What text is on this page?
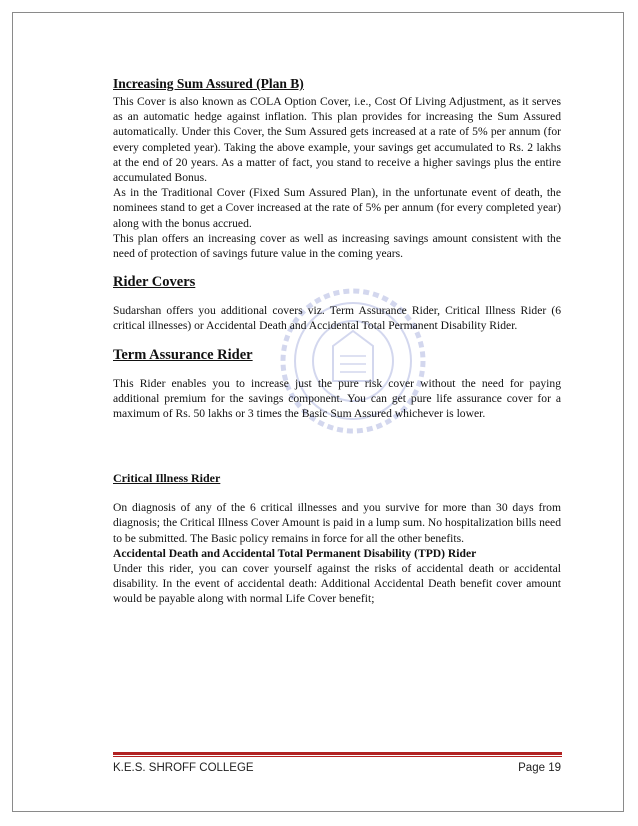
Increasing Sum Assured (Plan B)

This Cover is also known as COLA Option Cover, i.e., Cost Of Living Adjustment, as it serves as an automatic hedge against inflation. This plan provides for increasing the Sum Assured automatically. Under this Cover, the Sum Assured gets increased at a rate of 5% per annum (for every completed year). Taking the above example, your savings get accumulated to Rs. 2 lakhs at the end of 20 years. As a matter of fact, you stand to receive a higher savings plus the entire accumulated Bonus.

As in the Traditional Cover (Fixed Sum Assured Plan), in the unfortunate event of death, the nominees stand to get a Cover increased at the rate of 5% per annum (for every completed year) along with the bonus accrued.

This plan offers an increasing cover as well as increasing savings amount consistent with the need of protection of savings future value in the coming years.

Rider Covers

Sudarshan offers you additional covers viz. Term Assurance Rider, Critical Illness Rider (6 critical illnesses) or Accidental Death and Accidental Total Permanent Disability Rider.

Term Assurance Rider

This Rider enables you to increase just the pure risk cover without the need for paying additional premium for the savings component. You can get pure life assurance cover for a maximum of Rs. 50 lakhs or 3 times the Basic Sum Assured whichever is lower.

Critical Illness Rider

On diagnosis of any of the 6 critical illnesses and you survive for more than 30 days from diagnosis; the Critical Illness Cover Amount is paid in a lump sum. No hospitalization bills need to be submitted. The Basic policy remains in force for all the other benefits.

Accidental Death and Accidental Total Permanent Disability (TPD) Rider

Under this rider, you can cover yourself against the risks of accidental death or accidental disability. In the event of accidental death: Additional Accidental Death benefit cover amount would be payable along with normal Life Cover benefit;

K.E.S. SHROFF COLLEGE	Page 19
